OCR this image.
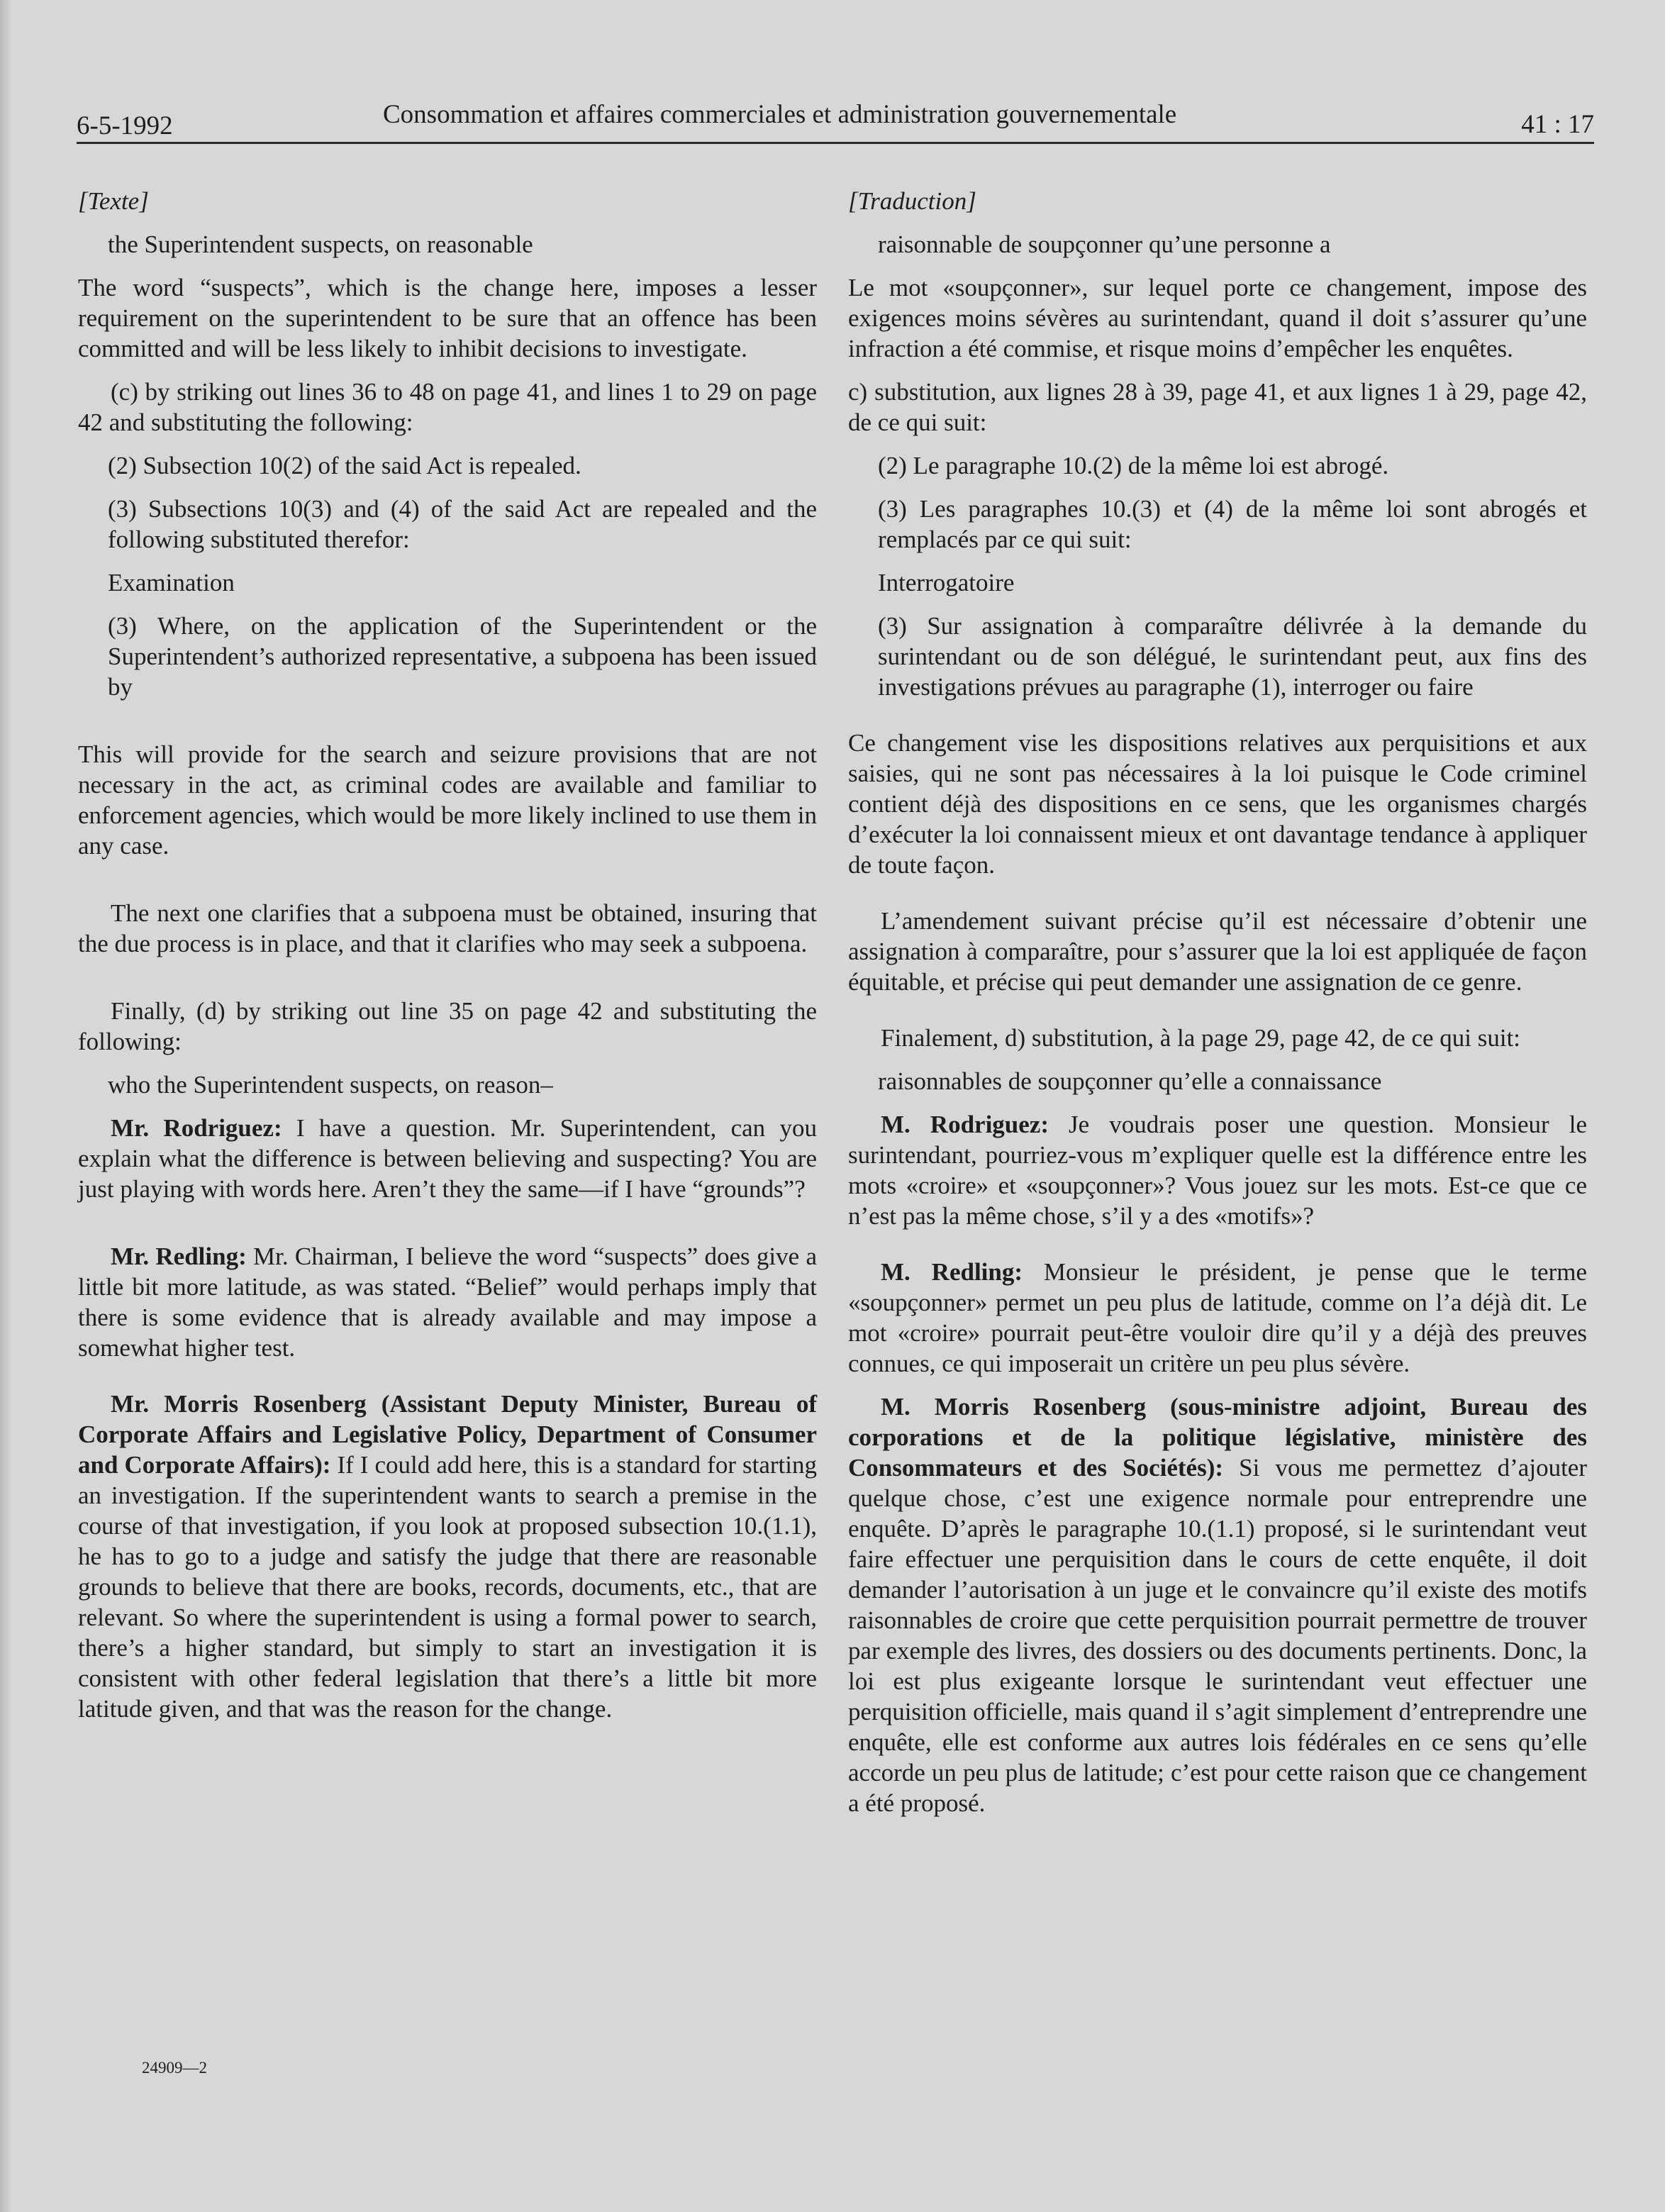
6-5-1992	Consommation et affaires commerciales et administration gouvernementale	41 : 17

[Texte]

the Superintendent suspects, on reasonable

The word “suspects”, which is the change here, imposes a lesser requirement on the superintendent to be sure that an offence has been committed and will be less likely to inhibit decisions to investigate.

(c) by striking out lines 36 to 48 on page 41, and lines 1 to 29 on page 42 and substituting the following:

(2) Subsection 10(2) of the said Act is repealed.

(3) Subsections 10(3) and (4) of the said Act are repealed and the following substituted therefor:

Examination

(3) Where, on the application of the Superintendent or the Superintendent’s authorized representative, a subpoena has been issued by

This will provide for the search and seizure provisions that are not necessary in the act, as criminal codes are available and familiar to enforcement agencies, which would be more likely inclined to use them in any case.

The next one clarifies that a subpoena must be obtained, insuring that the due process is in place, and that it clarifies who may seek a subpoena.

Finally, (d) by striking out line 35 on page 42 and substituting the following:

who the Superintendent suspects, on reason–

Mr. Rodriguez: I have a question. Mr. Superintendent, can you explain what the difference is between believing and suspecting? You are just playing with words here. Aren’t they the same—if I have “grounds”?

Mr. Redling: Mr. Chairman, I believe the word “suspects” does give a little bit more latitude, as was stated. “Belief” would perhaps imply that there is some evidence that is already available and may impose a somewhat higher test.

Mr. Morris Rosenberg (Assistant Deputy Minister, Bureau of Corporate Affairs and Legislative Policy, Department of Consumer and Corporate Affairs): If I could add here, this is a standard for starting an investigation. If the superintendent wants to search a premise in the course of that investigation, if you look at proposed subsection 10.(1.1), he has to go to a judge and satisfy the judge that there are reasonable grounds to believe that there are books, records, documents, etc., that are relevant. So where the superintendent is using a formal power to search, there’s a higher standard, but simply to start an investigation it is consistent with other federal legislation that there’s a little bit more latitude given, and that was the reason for the change.

[Traduction]

raisonnable de soupçonner qu’une personne a

Le mot «soupçonner», sur lequel porte ce changement, impose des exigences moins sévères au surintendant, quand il doit s’assurer qu’une infraction a été commise, et risque moins d’empêcher les enquêtes.

c) substitution, aux lignes 28 à 39, page 41, et aux lignes 1 à 29, page 42, de ce qui suit:

(2) Le paragraphe 10.(2) de la même loi est abrogé.

(3) Les paragraphes 10.(3) et (4) de la même loi sont abrogés et remplacés par ce qui suit:

Interrogatoire

(3) Sur assignation à comparaître délivrée à la demande du surintendant ou de son délégué, le surintendant peut, aux fins des investigations prévues au paragraphe (1), interroger ou faire

Ce changement vise les dispositions relatives aux perquisitions et aux saisies, qui ne sont pas nécessaires à la loi puisque le Code criminel contient déjà des dispositions en ce sens, que les organismes chargés d’exécuter la loi connaissent mieux et ont davantage tendance à appliquer de toute façon.

L’amendement suivant précise qu’il est nécessaire d’obtenir une assignation à comparaître, pour s’assurer que la loi est appliquée de façon équitable, et précise qui peut demander une assignation de ce genre.

Finalement, d) substitution, à la page 29, page 42, de ce qui suit:

raisonnables de soupçonner qu’elle a connaissance

M. Rodriguez: Je voudrais poser une question. Monsieur le surintendant, pourriez-vous m’expliquer quelle est la différence entre les mots «croire» et «soupçonner»? Vous jouez sur les mots. Est-ce que ce n’est pas la même chose, s’il y a des «motifs»?

M. Redling: Monsieur le président, je pense que le terme «soupçonner» permet un peu plus de latitude, comme on l’a déjà dit. Le mot «croire» pourrait peut-être vouloir dire qu’il y a déjà des preuves connues, ce qui imposerait un critère un peu plus sévère.

M. Morris Rosenberg (sous-ministre adjoint, Bureau des corporations et de la politique législative, ministère des Consommateurs et des Sociétés): Si vous me permettez d’ajouter quelque chose, c’est une exigence normale pour entreprendre une enquête. D’après le paragraphe 10.(1.1) proposé, si le surintendant veut faire effectuer une perquisition dans le cours de cette enquête, il doit demander l’autorisation à un juge et le convaincre qu’il existe des motifs raisonnables de croire que cette perquisition pourrait permettre de trouver par exemple des livres, des dossiers ou des documents pertinents. Donc, la loi est plus exigeante lorsque le surintendant veut effectuer une perquisition officielle, mais quand il s’agit simplement d’entreprendre une enquête, elle est conforme aux autres lois fédérales en ce sens qu’elle accorde un peu plus de latitude; c’est pour cette raison que ce changement a été proposé.

24909—2
